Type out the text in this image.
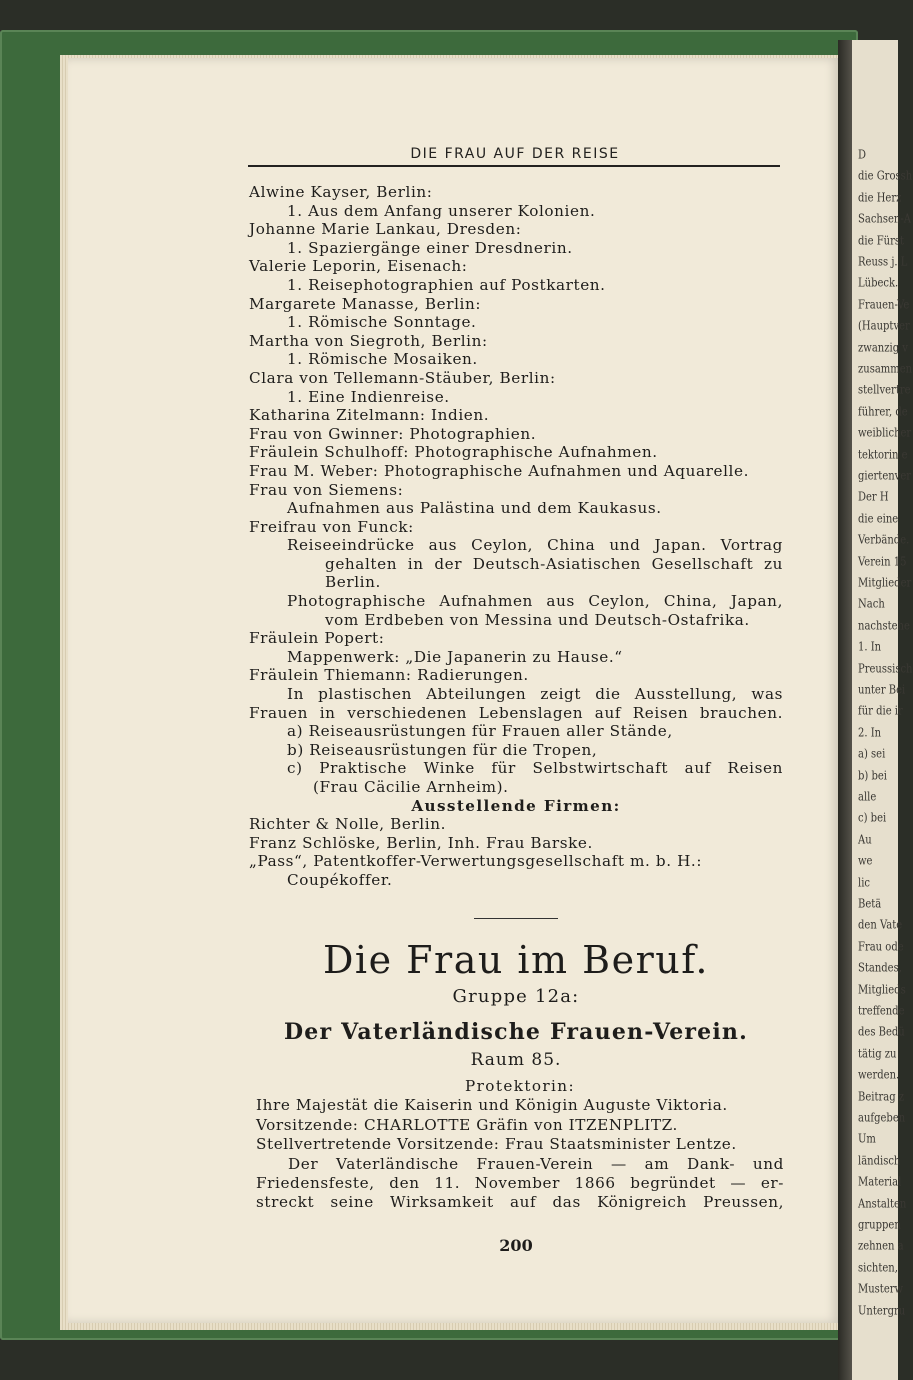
D
die Grossh
die Herz
Sachsen-A
die Fürst
Reuss j. L
Lübeck.
Frauen-Ve
(Hauptver
zwanzig v
zusammen
stellvertre
führer, de
weiblicher
tektorin e
giertenver
Der H
die eine
Verbände.
Verein 15
Mitglieder
Nach
nachstehe
1. In
Preussisch
unter Bei
für die ir
2. In
a) sei
b) bei
alle
c) bei
Au
we
lic
Betä
den Vate
Frau ode
Standes,
Mitglieds
treffende
des Bedü
tätig zu
werden.
Beitrag z
aufgeben
Um
ländisch
Material
Anstalten
gruppen
zehnen a
sichten,
Musterw
Untergru
DIE FRAU AUF DER REISE
Alwine Kayser, Berlin:
1. Aus dem Anfang unserer Kolonien.
Johanne Marie Lankau, Dresden:
1. Spaziergänge einer Dresdnerin.
Valerie Leporin, Eisenach:
1. Reisephotographien auf Postkarten.
Margarete Manasse, Berlin:
1. Römische Sonntage.
Martha von Siegroth, Berlin:
1. Römische Mosaiken.
Clara von Tellemann-Stäuber, Berlin:
1. Eine Indienreise.
Katharina Zitelmann: Indien.
Frau von Gwinner: Photographien.
Fräulein Schulhoff: Photographische Aufnahmen.
Frau M. Weber: Photographische Aufnahmen und Aquarelle.
Frau von Siemens:
Aufnahmen aus Palästina und dem Kaukasus.
Freifrau von Funck:
Reiseeindrücke aus Ceylon, China und Japan. Vortrag
gehalten in der Deutsch-Asiatischen Gesellschaft zu
Berlin.
Photographische Aufnahmen aus Ceylon, China, Japan,
vom Erdbeben von Messina und Deutsch-Ostafrika.
Fräulein Popert:
Mappenwerk: „Die Japanerin zu Hause.“
Fräulein Thiemann: Radierungen.
In plastischen Abteilungen zeigt die Ausstellung, was
Frauen in verschiedenen Lebenslagen auf Reisen brauchen.
a) Reiseausrüstungen für Frauen aller Stände,
b) Reiseausrüstungen für die Tropen,
c) Praktische Winke für Selbstwirtschaft auf Reisen
(Frau Cäcilie Arnheim).
Ausstellende Firmen:
Richter & Nolle, Berlin.
Franz Schlöske, Berlin, Inh. Frau Barske.
„Pass“, Patentkoffer-Verwertungsgesellschaft m. b. H.:
Coupékoffer.
Die Frau im Beruf.
Gruppe 12a:
Der Vaterländische Frauen-Verein.
Raum 85.
Protektorin:
Ihre Majestät die Kaiserin und Königin Auguste Viktoria.
Vorsitzende: CHARLOTTE Gräfin von ITZENPLITZ.
Stellvertretende Vorsitzende: Frau Staatsminister Lentze.
Der Vaterländische Frauen-Verein — am Dank- und
Friedensfeste, den 11. November 1866 begründet — er-
streckt seine Wirksamkeit auf das Königreich Preussen,
200
